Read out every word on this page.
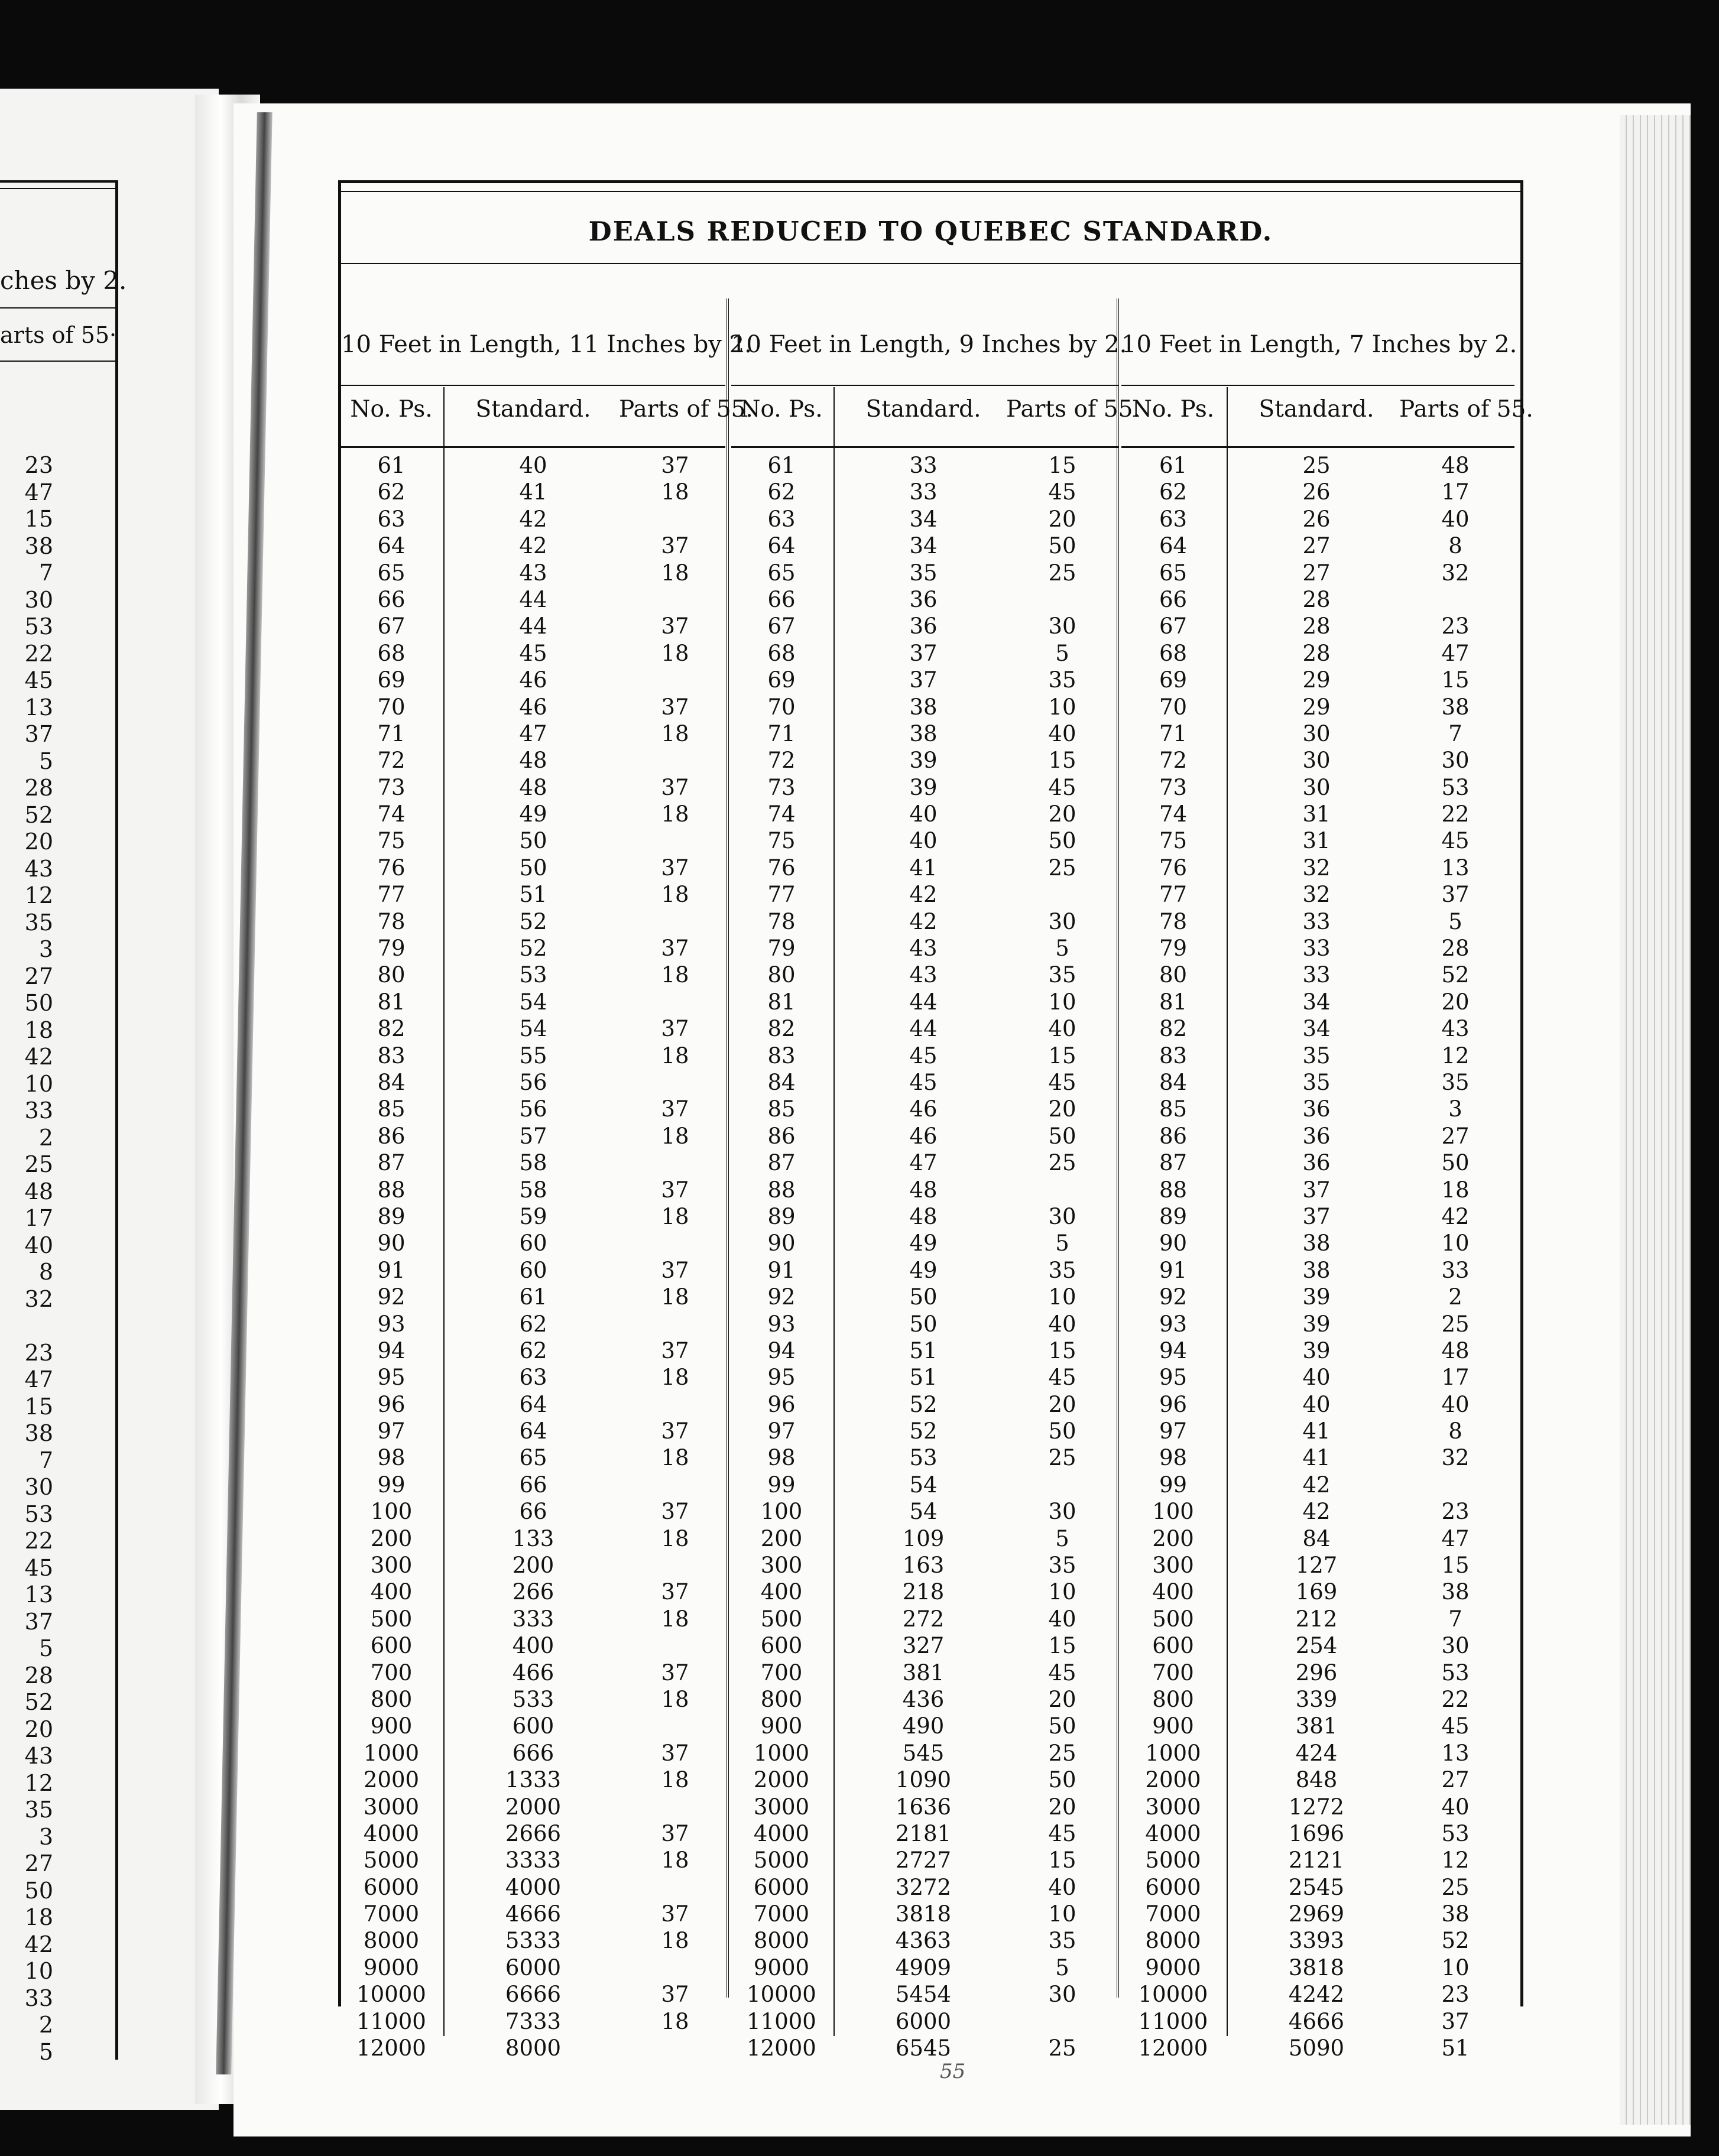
ches by 2.
arts of 55·
23
47
15
38
7
30
53
22
45
13
37
5
28
52
20
43
12
35
3
27
50
18
42
10
33
2
25
48
17
40
8
32
23
47
15
38
7
30
53
22
45
13
37
5
28
52
20
43
12
35
3
27
50
18
42
10
33
2
5
DEALS REDUCED TO QUEBEC STANDARD.
10 Feet in Length, 11 Inches by 2.
No. Ps.
61
62
63
64
65
66
67
68
69
70
71
72
73
74
75
76
77
78
79
80
81
82
83
84
85
86
87
88
89
90
91
92
93
94
95
96
97
98
99
100
200
300
400
500
600
700
800
900
1000
2000
3000
4000
5000
6000
7000
8000
9000
10000
11000
12000
Standard.
40
41
42
42
43
44
44
45
46
46
47
48
48
49
50
50
51
52
52
53
54
54
55
56
56
57
58
58
59
60
60
61
62
62
63
64
64
65
66
66
133
200
266
333
400
466
533
600
666
1333
2000
2666
3333
4000
4666
5333
6000
6666
7333
8000
Parts of 55.
37
18
37
18
37
18
37
18
37
18
37
18
37
18
37
18
37
18
37
18
37
18
37
18
37
18
37
18
37
18
37
18
37
18
37
18
37
18
37
18
10 Feet in Length, 9 Inches by 2.
No. Ps.
61
62
63
64
65
66
67
68
69
70
71
72
73
74
75
76
77
78
79
80
81
82
83
84
85
86
87
88
89
90
91
92
93
94
95
96
97
98
99
100
200
300
400
500
600
700
800
900
1000
2000
3000
4000
5000
6000
7000
8000
9000
10000
11000
12000
Standard.
33
33
34
34
35
36
36
37
37
38
38
39
39
40
40
41
42
42
43
43
44
44
45
45
46
46
47
48
48
49
49
50
50
51
51
52
52
53
54
54
109
163
218
272
327
381
436
490
545
1090
1636
2181
2727
3272
3818
4363
4909
5454
6000
6545
Parts of 55.
15
45
20
50
25
30
5
35
10
40
15
45
20
50
25
30
5
35
10
40
15
45
20
50
25
30
5
35
10
40
15
45
20
50
25
30
5
35
10
40
15
45
20
50
25
50
20
45
15
40
10
35
5
30
25
10 Feet in Length, 7 Inches by 2.
No. Ps.
61
62
63
64
65
66
67
68
69
70
71
72
73
74
75
76
77
78
79
80
81
82
83
84
85
86
87
88
89
90
91
92
93
94
95
96
97
98
99
100
200
300
400
500
600
700
800
900
1000
2000
3000
4000
5000
6000
7000
8000
9000
10000
11000
12000
Standard.
25
26
26
27
27
28
28
28
29
29
30
30
30
31
31
32
32
33
33
33
34
34
35
35
36
36
36
37
37
38
38
39
39
39
40
40
41
41
42
42
84
127
169
212
254
296
339
381
424
848
1272
1696
2121
2545
2969
3393
3818
4242
4666
5090
Parts of 55.
48
17
40
8
32
23
47
15
38
7
30
53
22
45
13
37
5
28
52
20
43
12
35
3
27
50
18
42
10
33
2
25
48
17
40
8
32
23
47
15
38
7
30
53
22
45
13
27
40
53
12
25
38
52
10
23
37
51
55
